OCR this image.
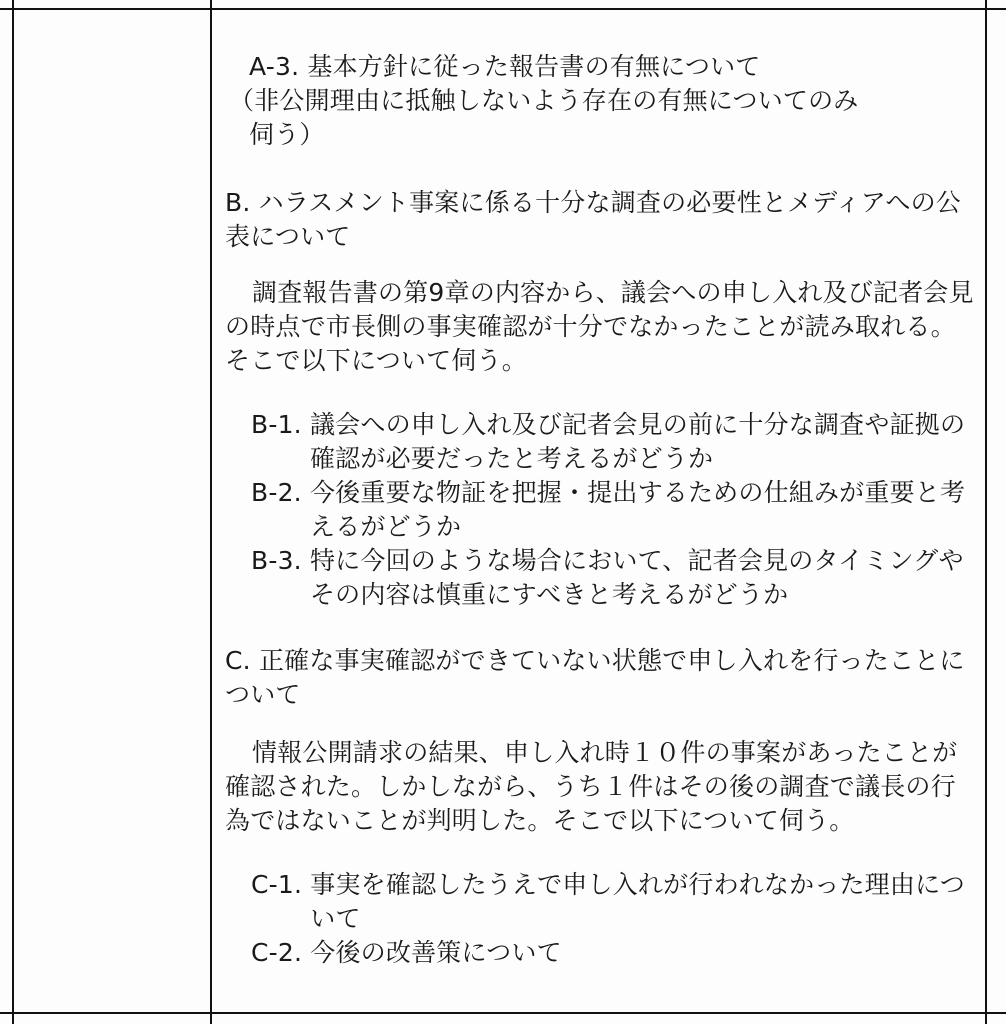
A-3. 基本方針に従った報告書の有無について

（非公開理由に抵触しないよう存在の有無についてのみ

伺う）

B. ハラスメント事案に係る十分な調査の必要性とメディアへの公表について

調査報告書の第9章の内容から、議会への申し入れ及び記者会見の時点で市長側の事実確認が十分でなかったことが読み取れる。そこで以下について伺う。

B-1. 議会への申し入れ及び記者会見の前に十分な調査や証拠の確認が必要だったと考えるがどうか
B-2. 今後重要な物証を把握・提出するための仕組みが重要と考えるがどうか
B-3. 特に今回のような場合において、記者会見のタイミングやその内容は慎重にすべきと考えるがどうか

C. 正確な事実確認ができていない状態で申し入れを行ったことについて

情報公開請求の結果、申し入れ時１０件の事案があったことが確認された。しかしながら、うち１件はその後の調査で議長の行為ではないことが判明した。そこで以下について伺う。

C-1. 事実を確認したうえで申し入れが行われなかった理由について
C-2. 今後の改善策について
